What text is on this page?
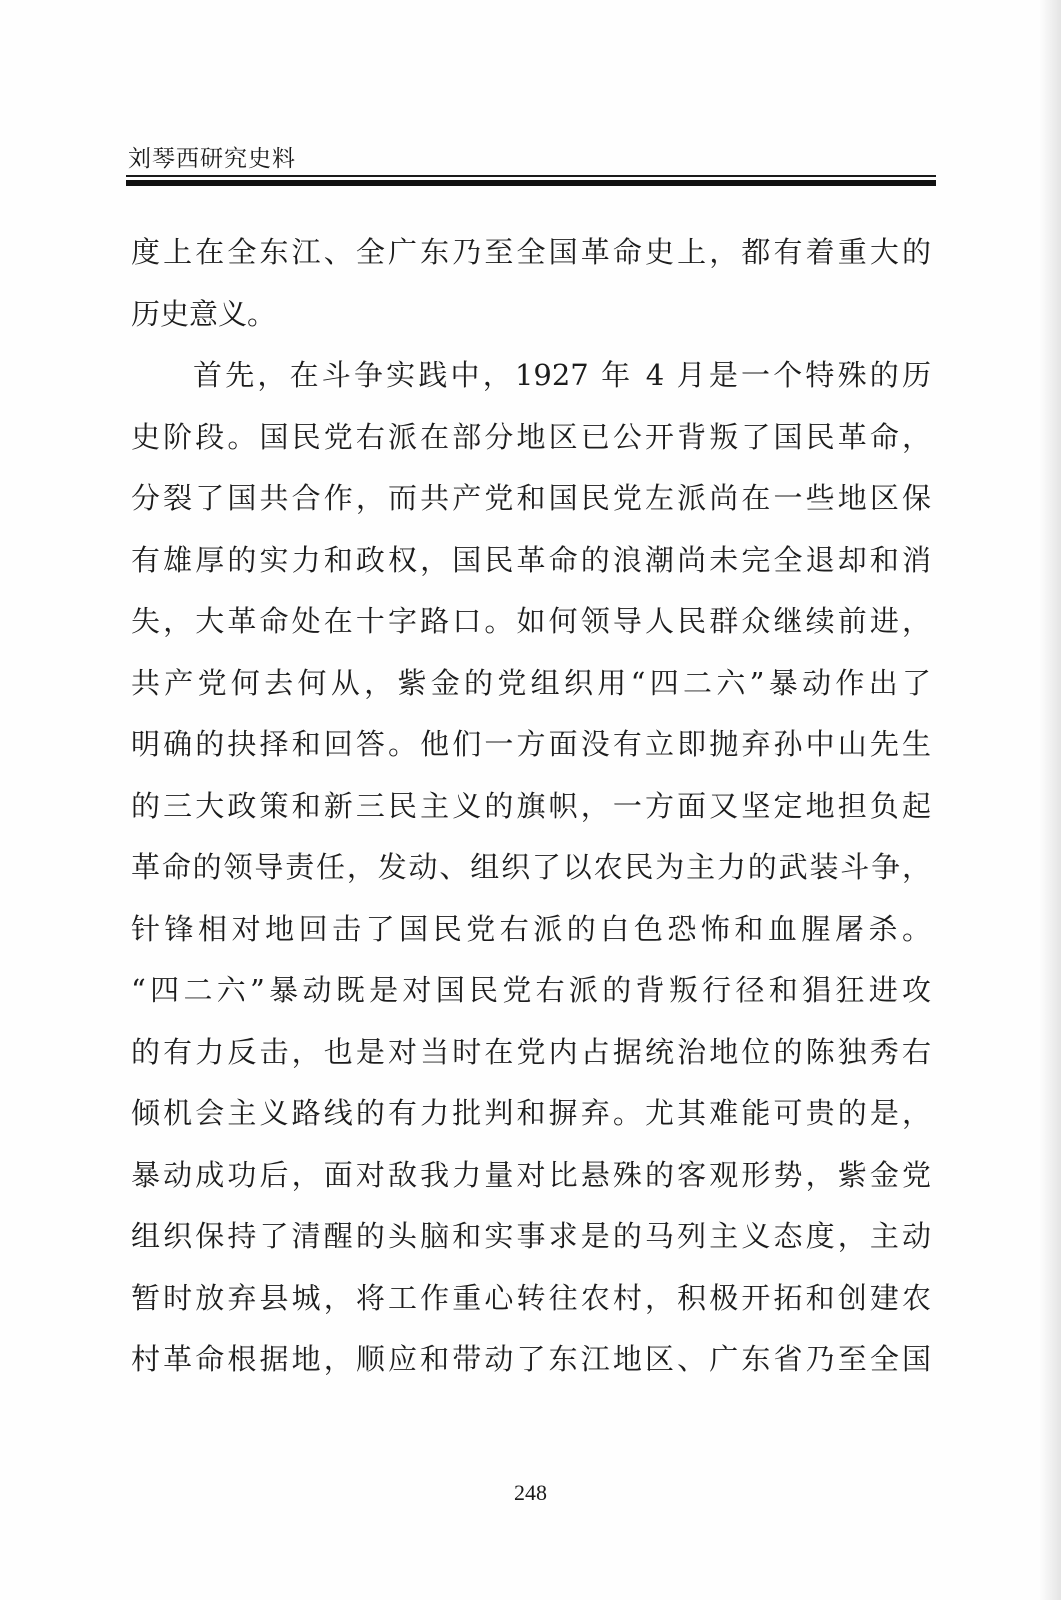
刘琴西研究史料
度上在全东江、全广东乃至全国革命史上，都有着重大的
历史意义。
首先，在斗争实践中，1927 年 4 月是一个特殊的历
史阶段。国民党右派在部分地区已公开背叛了国民革命，
分裂了国共合作，而共产党和国民党左派尚在一些地区保
有雄厚的实力和政权，国民革命的浪潮尚未完全退却和消
失，大革命处在十字路口。如何领导人民群众继续前进，
共产党何去何从，紫金的党组织用“四二六”暴动作出了
明确的抉择和回答。他们一方面没有立即抛弃孙中山先生
的三大政策和新三民主义的旗帜，一方面又坚定地担负起
革命的领导责任，发动、组织了以农民为主力的武装斗争，
针锋相对地回击了国民党右派的白色恐怖和血腥屠杀。
“四二六”暴动既是对国民党右派的背叛行径和猖狂进攻
的有力反击，也是对当时在党内占据统治地位的陈独秀右
倾机会主义路线的有力批判和摒弃。尤其难能可贵的是，
暴动成功后，面对敌我力量对比悬殊的客观形势，紫金党
组织保持了清醒的头脑和实事求是的马列主义态度，主动
暂时放弃县城，将工作重心转往农村，积极开拓和创建农
村革命根据地，顺应和带动了东江地区、广东省乃至全国
248
